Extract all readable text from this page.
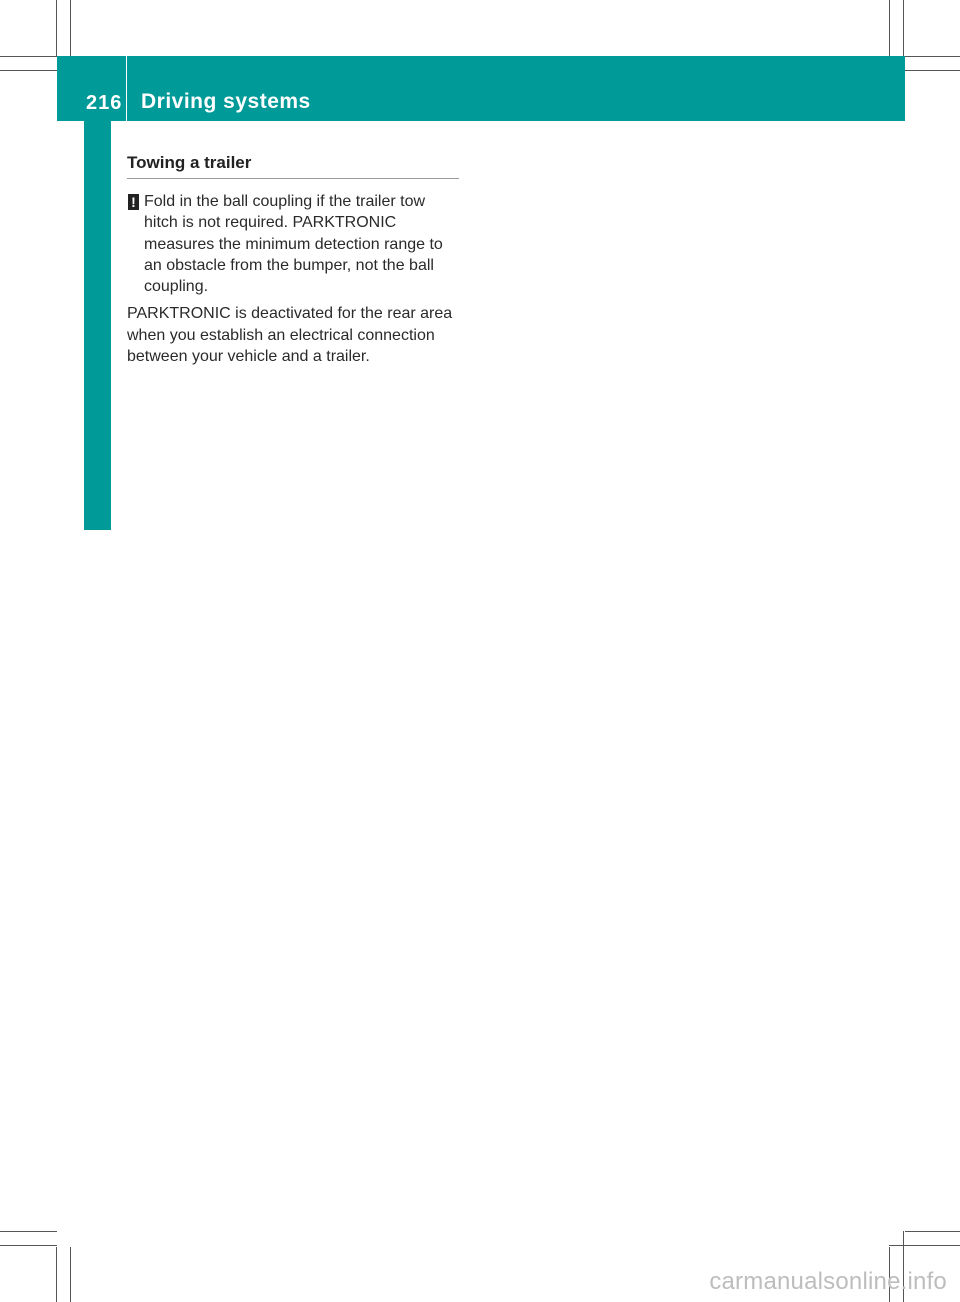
216 Driving systems
Driving and parking
Towing a trailer
! Fold in the ball coupling if the trailer tow hitch is not required. PARKTRONIC measures the minimum detection range to an obstacle from the bumper, not the ball coupling.

PARKTRONIC is deactivated for the rear area when you establish an electrical connection between your vehicle and a trailer.

carmanualsonline.info
